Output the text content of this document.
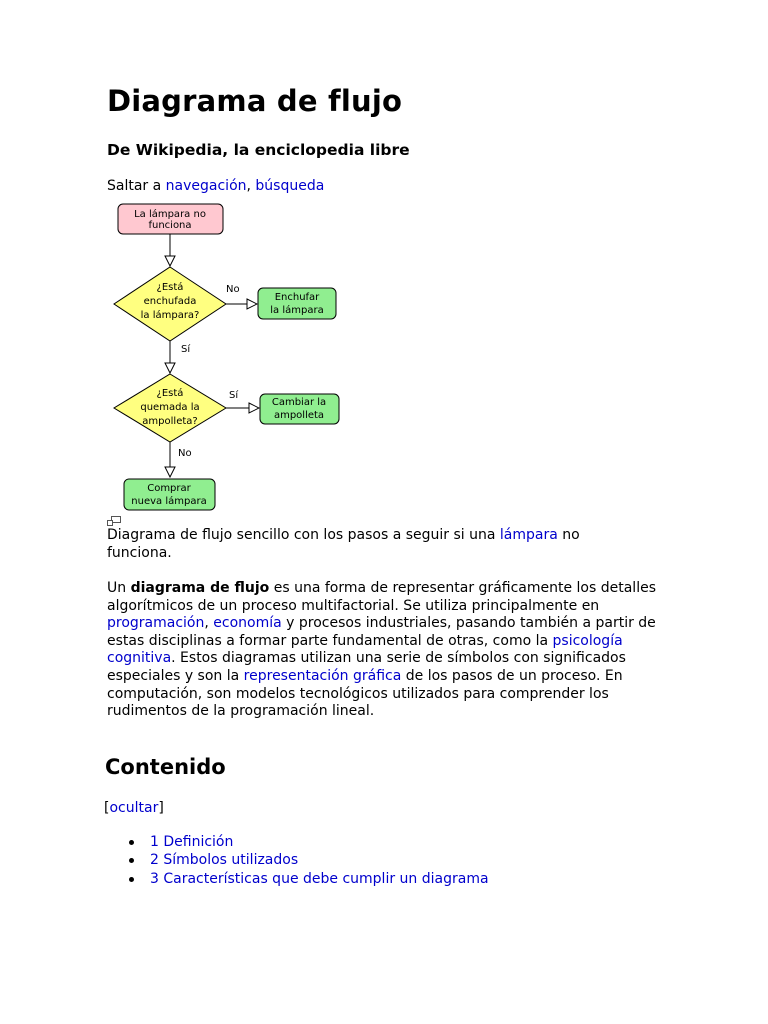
Diagrama de flujo
De Wikipedia, la enciclopedia libre
Saltar a navegación, búsqueda
La lámpara no
funciona
¿Está
enchufada
la lámpara?
No
Enchufar
la lámpara
Sí
¿Está
quemada la
ampolleta?
Sí
Cambiar la
ampolleta
No
Comprar
nueva lámpara

Diagrama de flujo sencillo con los pasos a seguir si una lámpara no funciona.

Un diagrama de flujo es una forma de representar gráficamente los detalles algorítmicos de un proceso multifactorial. Se utiliza principalmente en programación, economía y procesos industriales, pasando también a partir de estas disciplinas a formar parte fundamental de otras, como la psicología cognitiva. Estos diagramas utilizan una serie de símbolos con significados especiales y son la representación gráfica de los pasos de un proceso. En computación, son modelos tecnológicos utilizados para comprender los rudimentos de la programación lineal.

Contenido
[ocultar]
1 Definición
2 Símbolos utilizados
3 Características que debe cumplir un diagrama
